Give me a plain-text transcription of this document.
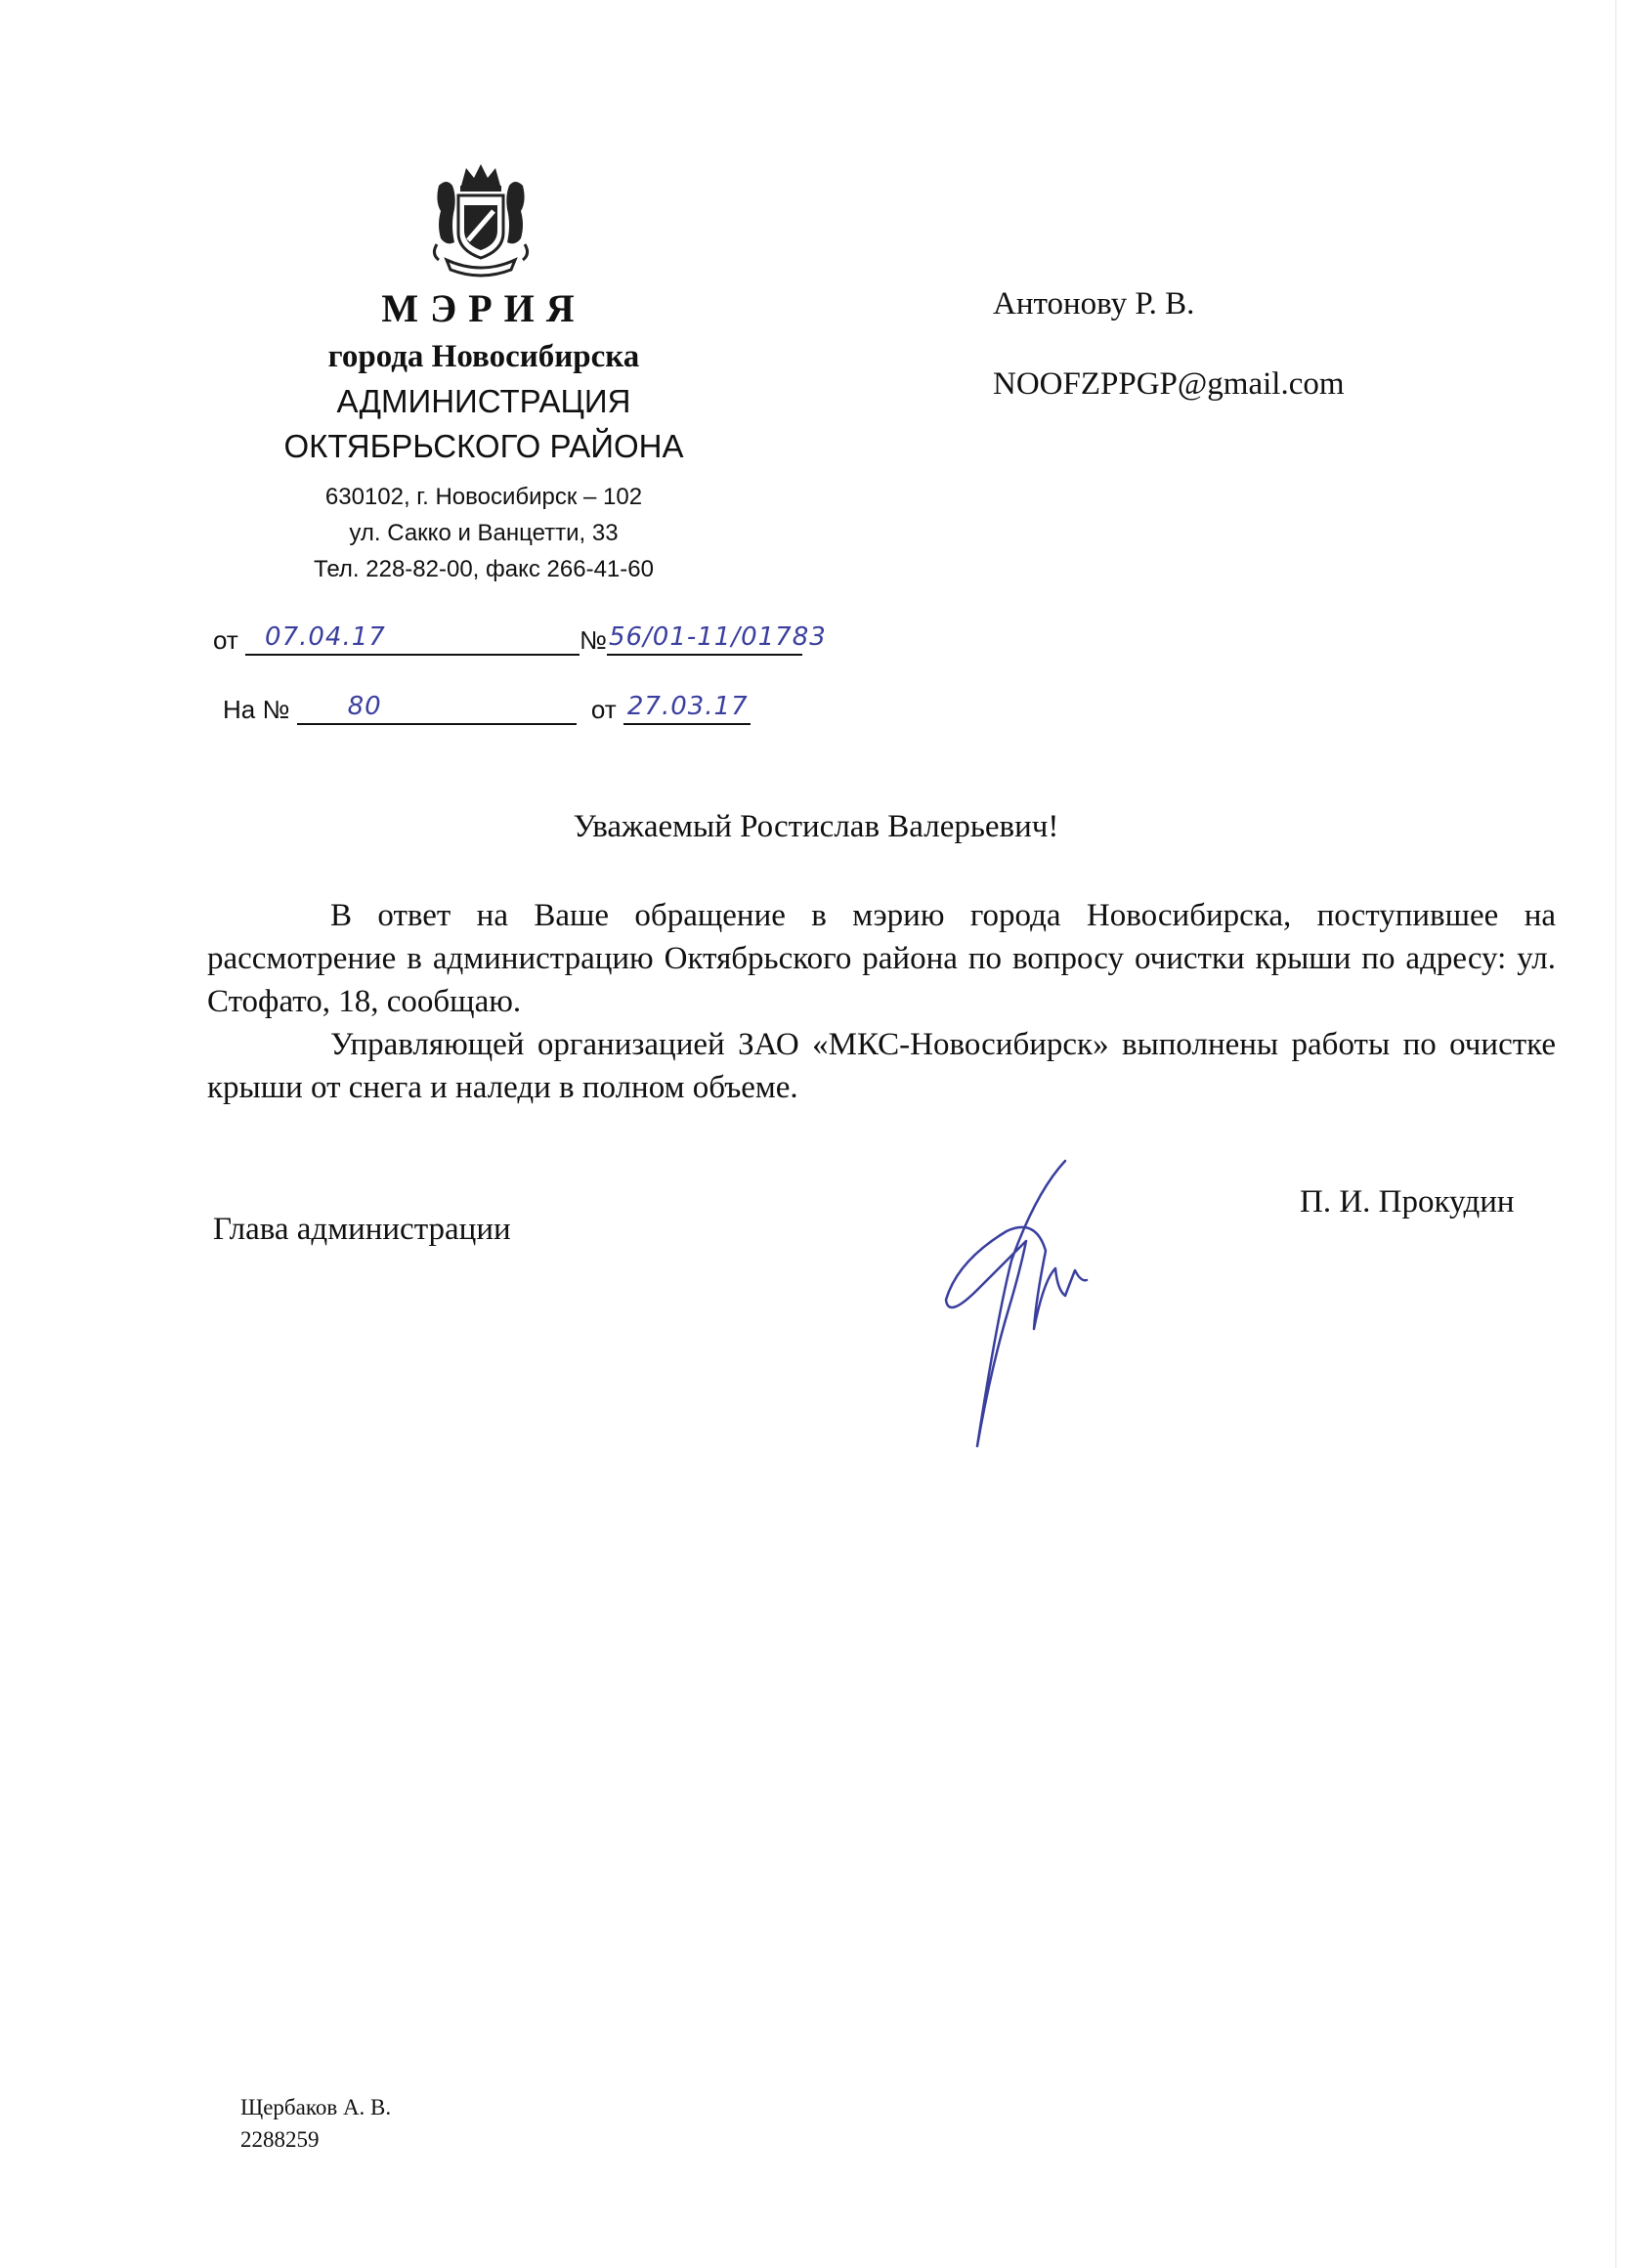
МЭРИЯ
города Новосибирска
АДМИНИСТРАЦИЯ
ОКТЯБРЬСКОГО РАЙОНА
630102, г. Новосибирск – 102
ул. Сакко и Ванцетти, 33
Тел. 228-82-00, факс 266-41-60
от 07.04.17	№ 56/01-11/01783
На № 80	от 27.03.17
Антонову Р. В.
NOOFZPPGP@gmail.com
Уважаемый Ростислав Валерьевич!

В ответ на Ваше обращение в мэрию города Новосибирска, поступившее на рассмотрение в администрацию Октябрьского района по вопросу очистки крыши по адресу: ул. Стофато, 18, сообщаю.

Управляющей организацией ЗАО «МКС-Новосибирск» выполнены работы по очистке крыши от снега и наледи в полном объеме.

Глава администрации
П. И. Прокудин
Щербаков А. В.
2288259
